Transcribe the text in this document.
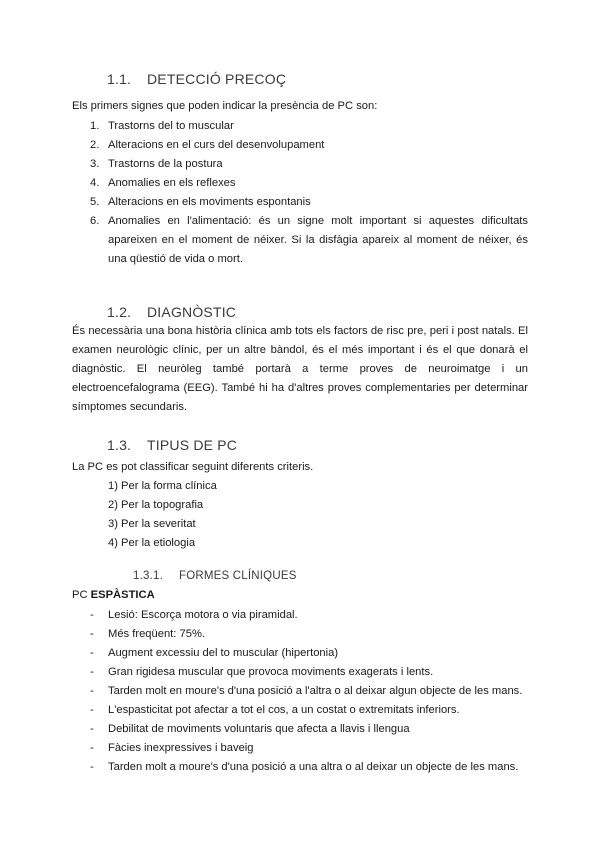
1.1. DETECCIÓ PRECOÇ
Els primers signes que poden indicar la presència de PC son:
1. Trastorns del to muscular
2. Alteracions en el curs del desenvolupament
3. Trastorns de la postura
4. Anomalies en els reflexes
5. Alteracions en els moviments espontanis
6. Anomalies en l'alimentació: és un signe molt important si aquestes dificultats apareixen en el moment de néixer. Si la disfàgia apareix al moment de néixer, és una qüestió de vida o mort.
1.2. DIAGNÒSTIC
És necessària una bona història clínica amb tots els factors de risc pre, peri i post natals. El examen neurològic clínic, per un altre bàndol, és el més important i és el que donarà el diagnòstic. El neuròleg també portarà a terme proves de neuroimatge i un electroencefalograma (EEG). També hi ha d'altres proves complementaries per determinar símptomes secundaris.
1.3. TIPUS DE PC
La PC es pot classificar seguint diferents criteris.
1) Per la forma clínica
2) Per la topografia
3) Per la severitat
4) Per la etiologia
1.3.1. FORMES CLÍNIQUES
PC ESPÀSTICA
- Lesió: Escorça motora o via piramidal.
- Més freqüent: 75%.
- Augment excessiu del to muscular (hipertonia)
- Gran rigidesa muscular que provoca moviments exagerats i lents.
- Tarden molt en moure's d'una posició a l'altra o al deixar algun objecte de les mans.
- L'espasticitat pot afectar a tot el cos, a un costat o extremitats inferiors.
- Debilitat de moviments voluntaris que afecta a llavis i llengua
- Fàcies inexpressives i baveig
- Tarden molt a moure's d'una posició a una altra o al deixar un objecte de les mans.
